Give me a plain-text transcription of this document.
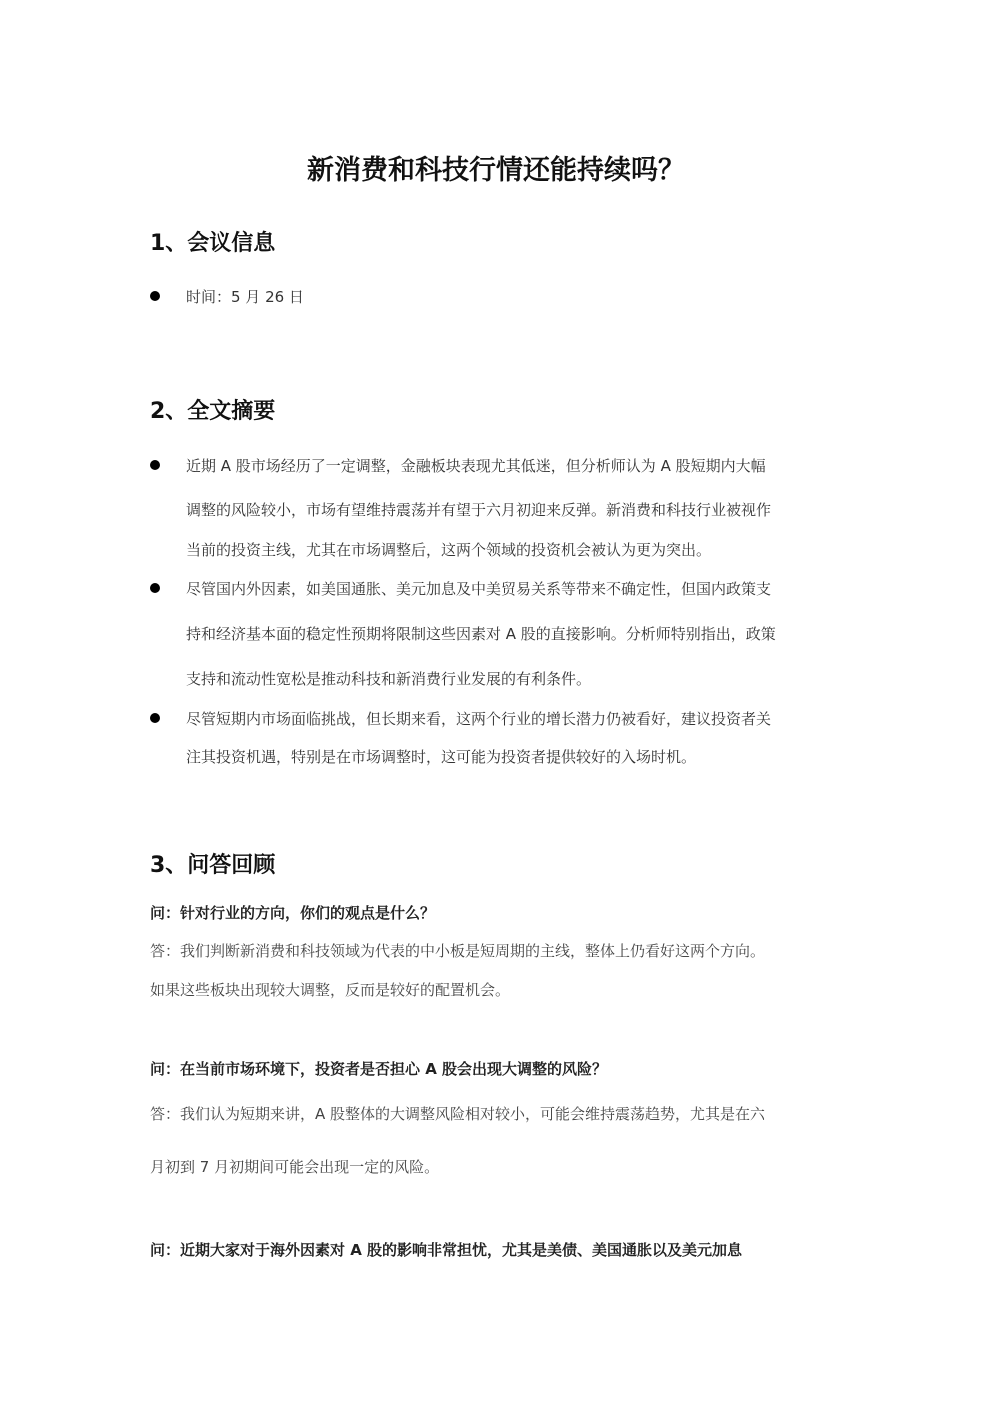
新消费和科技行情还能持续吗？
1、会议信息
时间：5 月 26 日
2、全文摘要
近期 A 股市场经历了一定调整，金融板块表现尤其低迷，但分析师认为 A 股短期内大幅
调整的风险较小，市场有望维持震荡并有望于六月初迎来反弹。新消费和科技行业被视作
当前的投资主线，尤其在市场调整后，这两个领域的投资机会被认为更为突出。
尽管国内外因素，如美国通胀、美元加息及中美贸易关系等带来不确定性，但国内政策支
持和经济基本面的稳定性预期将限制这些因素对 A 股的直接影响。分析师特别指出，政策
支持和流动性宽松是推动科技和新消费行业发展的有利条件。
尽管短期内市场面临挑战，但长期来看，这两个行业的增长潜力仍被看好，建议投资者关
注其投资机遇，特别是在市场调整时，这可能为投资者提供较好的入场时机。
3、问答回顾
问：针对行业的方向，你们的观点是什么？
答：我们判断新消费和科技领域为代表的中小板是短周期的主线，整体上仍看好这两个方向。
如果这些板块出现较大调整，反而是较好的配置机会。
问：在当前市场环境下，投资者是否担心 A 股会出现大调整的风险？
答：我们认为短期来讲，A 股整体的大调整风险相对较小，可能会维持震荡趋势，尤其是在六
月初到 7 月初期间可能会出现一定的风险。
问：近期大家对于海外因素对 A 股的影响非常担忧，尤其是美债、美国通胀以及美元加息
